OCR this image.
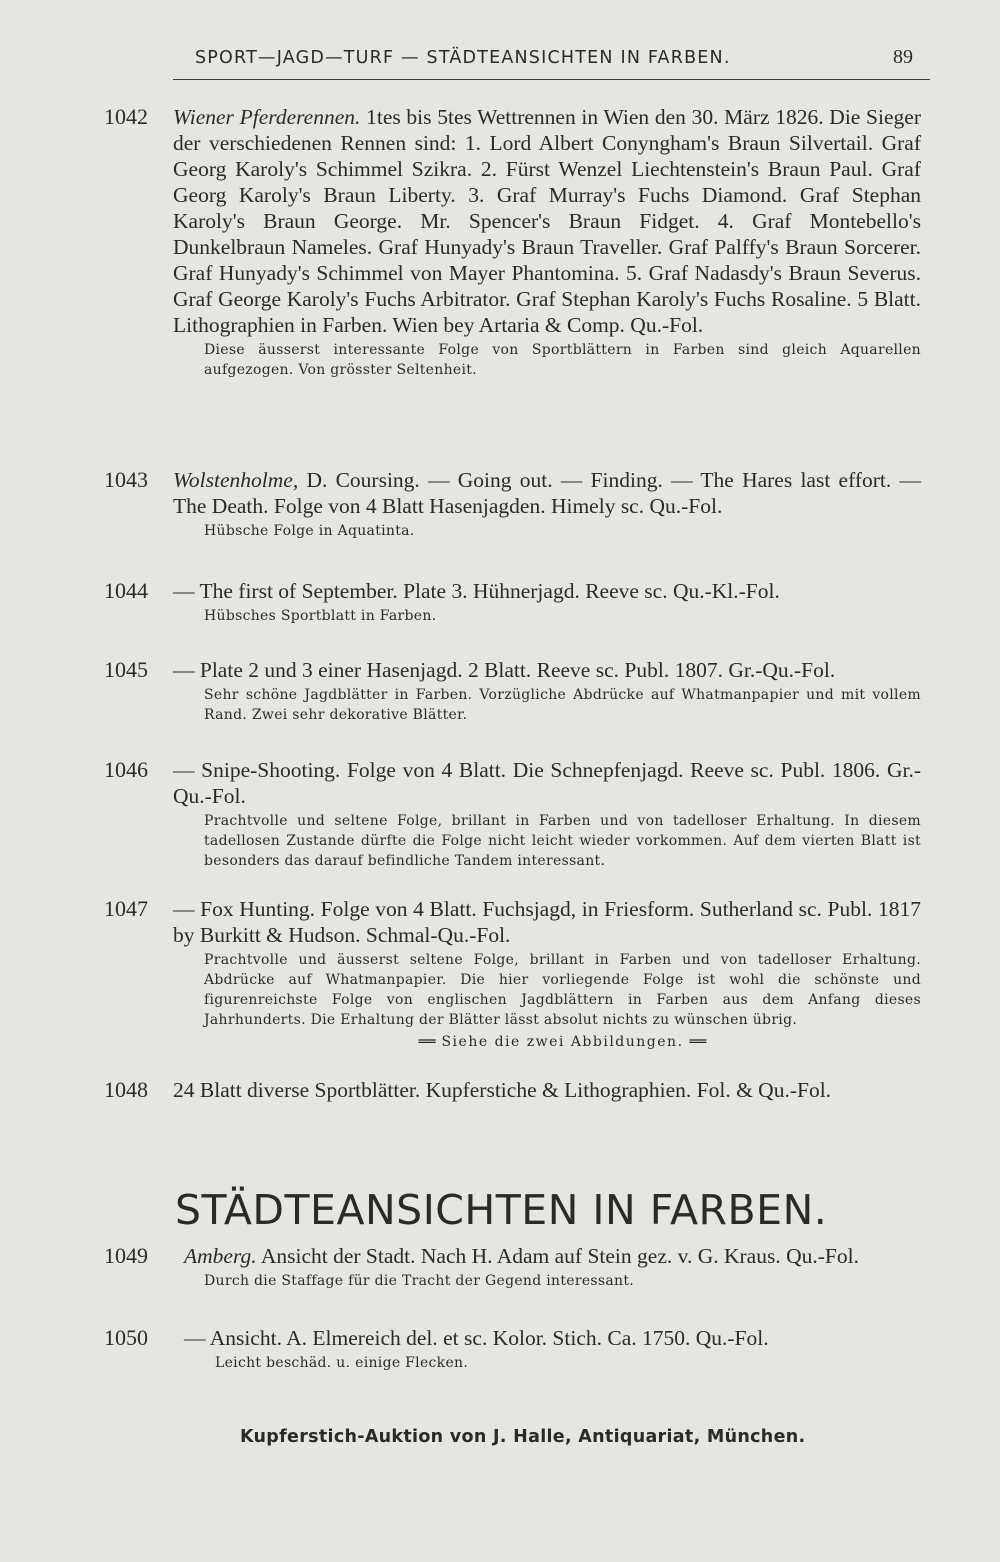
SPORT—JAGD—TURF — STÄDTEANSICHTEN IN FARBEN.	89
1042 Wiener Pferderennen. 1tes bis 5tes Wettrennen in Wien den 30. März 1826. Die Sieger der verschiedenen Rennen sind: 1. Lord Albert Conyngham's Braun Silvertail. Graf Georg Karoly's Schimmel Szikra. 2. Fürst Wenzel Liechtenstein's Braun Paul. Graf Georg Karoly's Braun Liberty. 3. Graf Murray's Fuchs Diamond. Graf Stephan Karoly's Braun George. Mr. Spencer's Braun Fidget. 4. Graf Montebello's Dunkelbraun Nameles. Graf Hunyady's Braun Traveller. Graf Palffy's Braun Sorcerer. Graf Hunyady's Schimmel von Mayer Phantomina. 5. Graf Nadasdy's Braun Severus. Graf George Karoly's Fuchs Arbitrator. Graf Stephan Karoly's Fuchs Rosaline. 5 Blatt. Lithographien in Farben. Wien bey Artaria & Comp. Qu.-Fol.
Diese äusserst interessante Folge von Sportblättern in Farben sind gleich Aquarellen aufgezogen. Von grösster Seltenheit.
1043 Wolstenholme, D. Coursing. — Going out. — Finding. — The Hares last effort. — The Death. Folge von 4 Blatt Hasenjagden. Himely sc. Qu.-Fol.
Hübsche Folge in Aquatinta.
1044 — The first of September. Plate 3. Hühnerjagd. Reeve sc. Qu.-Kl.-Fol.
Hübsches Sportblatt in Farben.
1045 — Plate 2 und 3 einer Hasenjagd. 2 Blatt. Reeve sc. Publ. 1807. Gr.-Qu.-Fol.
Sehr schöne Jagdblätter in Farben. Vorzügliche Abdrücke auf Whatmanpapier und mit vollem Rand. Zwei sehr dekorative Blätter.
1046 — Snipe-Shooting. Folge von 4 Blatt. Die Schnepfenjagd. Reeve sc. Publ. 1806. Gr.-Qu.-Fol.
Prachtvolle und seltene Folge, brillant in Farben und von tadelloser Erhaltung. In diesem tadellosen Zustande dürfte die Folge nicht leicht wieder vorkommen. Auf dem vierten Blatt ist besonders das darauf befindliche Tandem interessant.
1047 — Fox Hunting. Folge von 4 Blatt. Fuchsjagd, in Friesform. Sutherland sc. Publ. 1817 by Burkitt & Hudson. Schmal-Qu.-Fol.
Prachtvolle und äusserst seltene Folge, brillant in Farben und von tadelloser Erhaltung. Abdrücke auf Whatmanpapier. Die hier vorliegende Folge ist wohl die schönste und figurenreichste Folge von englischen Jagdblättern in Farben aus dem Anfang dieses Jahrhunderts. Die Erhaltung der Blätter lässt absolut nichts zu wünschen übrig.
══ Siehe die zwei Abbildungen. ══
1048 24 Blatt diverse Sportblätter. Kupferstiche & Lithographien. Fol. & Qu.-Fol.
STÄDTEANSICHTEN IN FARBEN.
1049 Amberg. Ansicht der Stadt. Nach H. Adam auf Stein gez. v. G. Kraus. Qu.-Fol.
Durch die Staffage für die Tracht der Gegend interessant.
1050 — Ansicht. A. Elmereich del. et sc. Kolor. Stich. Ca. 1750. Qu.-Fol.
Leicht beschäd. u. einige Flecken.
Kupferstich-Auktion von J. Halle, Antiquariat, München.
